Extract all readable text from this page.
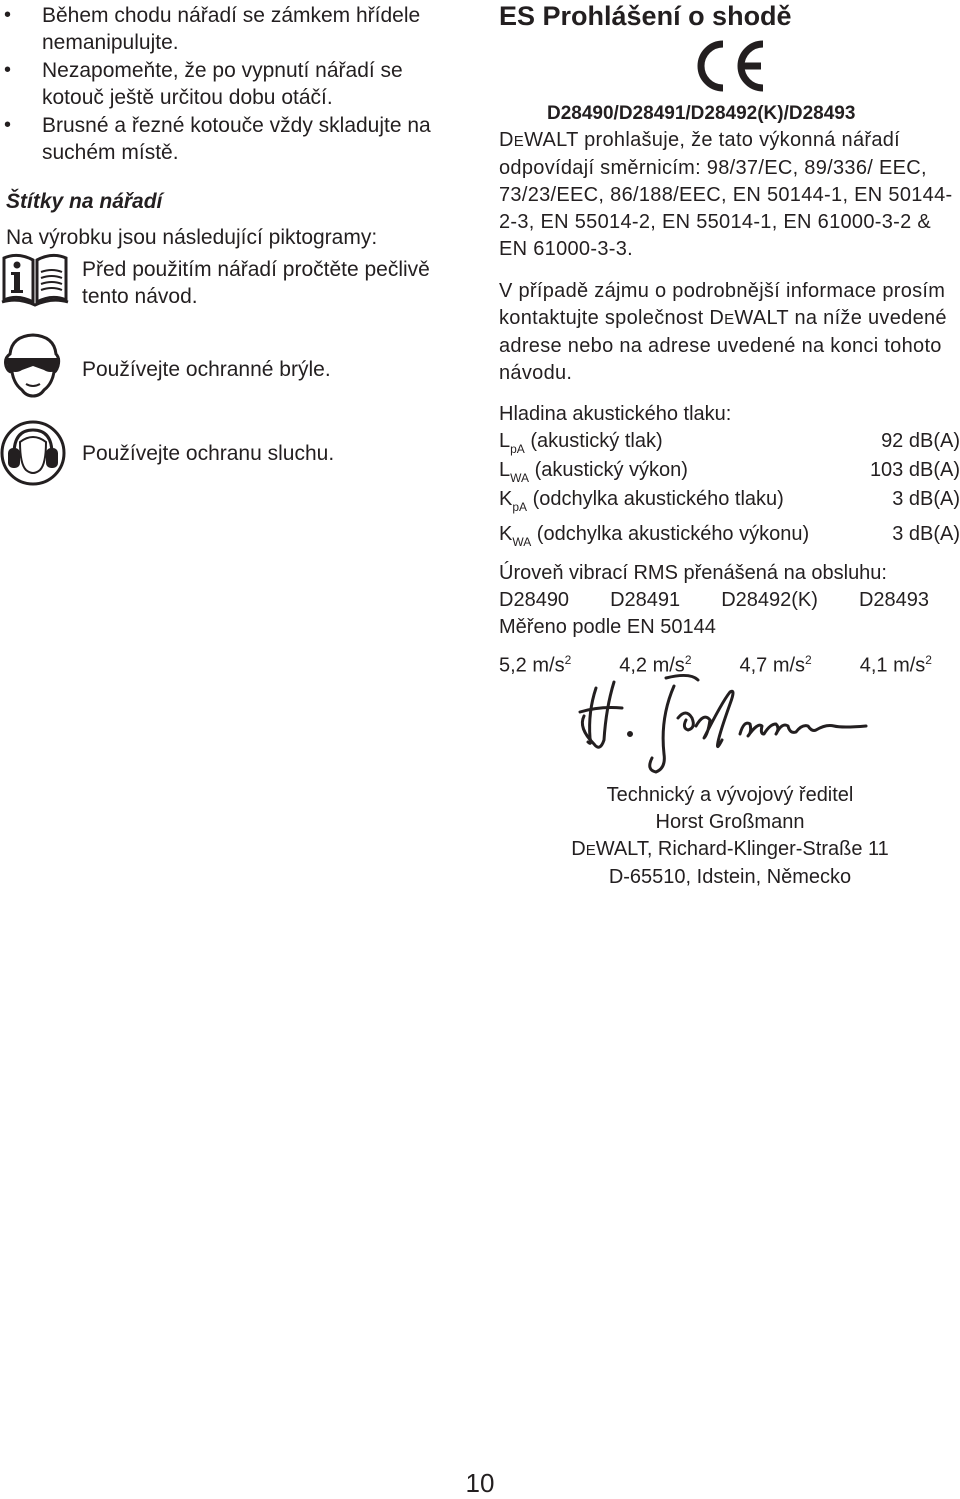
• Během chodu nářadí se zámkem hřídele nemanipulujte.
• Nezapomeňte, že po vypnutí nářadí se kotouč ještě určitou dobu otáčí.
• Brusné a řezné kotouče vždy skladujte na suchém místě.
Štítky na nářadí
Na výrobku jsou následující piktogramy:
Před použitím nářadí pročtěte pečlivě tento návod.
Používejte ochranné brýle.
Používejte ochranu sluchu.
ES Prohlášení o shodě
D28490/D28491/D28492(K)/D28493

DEWALT prohlašuje, že tato výkonná nářadí odpovídají směrnicím: 98/37/EC, 89/336/ EEC, 73/23/EEC, 86/188/EEC, EN 50144-1, EN 50144-2-3, EN 55014-2, EN 55014-1, EN 61000-3-2 & EN 61000-3-3.

V případě zájmu o podrobnější informace prosím kontaktujte společnost DEWALT na níže uvedené adrese nebo na adrese uvedené na konci tohoto návodu.

Hladina akustického tlaku:
$L_{pA}$ (akustický tlak)	92 dB(A)
$L_{WA}$ (akustický výkon)	103 dB(A)
$K_{pA}$ (odchylka akustického tlaku)	3 dB(A)
$K_{WA}$ (odchylka akustického výkonu)	3 dB(A)
Úroveň vibrací RMS přenášená na obsluhu:
D28490 D28491 D28492(K) D28493
Měřeno podle EN 50144
5,2 $m/s^2$ 4,2 $m/s^2$ 4,7 $m/s^2$ 4,1 $m/s^2$
Technický a vývojový ředitel
Horst Großmann
DEWALT, Richard-Klinger-Straße 11
D-65510, Idstein, Německo
10
